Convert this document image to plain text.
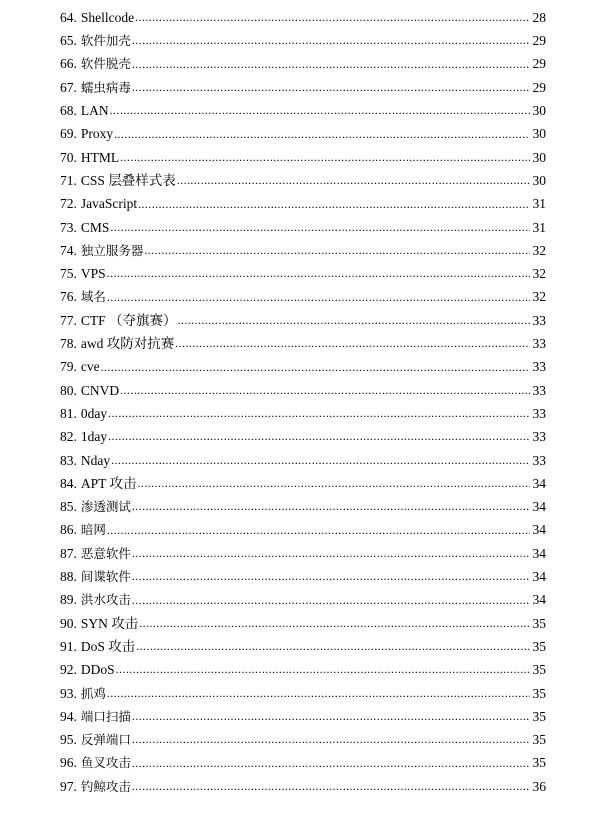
64. Shellcode .....	28
65. 软件加壳 .....	29
66. 软件脱壳 .....	29
67. 蠕虫病毒 .....	29
68. LAN .....	30
69. Proxy .....	30
70. HTML .....	30
71. CSS 层叠样式表 .....	30
72. JavaScript .....	31
73. CMS .....	31
74. 独立服务器 .....	32
75. VPS .....	32
76. 域名 .....	32
77. CTF （夺旗赛） .....	33
78. awd 攻防对抗赛 .....	33
79. cve .....	33
80. CNVD .....	33
81. 0day .....	33
82. 1day .....	33
83. Nday .....	33
84. APT 攻击 .....	34
85. 渗透测试 .....	34
86. 暗网 .....	34
87. 恶意软件 .....	34
88. 间谍软件 .....	34
89. 洪水攻击 .....	34
90. SYN 攻击 .....	35
91. DoS 攻击 .....	35
92. DDoS .....	35
93. 抓鸡 .....	35
94. 端口扫描 .....	35
95. 反弹端口 .....	35
96. 鱼叉攻击 .....	35
97. 钓鲸攻击 .....	36
